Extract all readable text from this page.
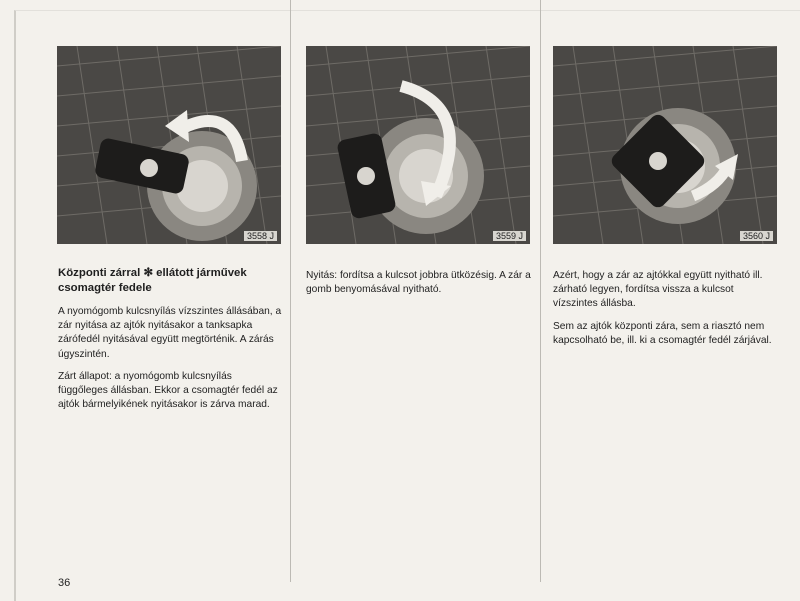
3558 J	3559 J	3560 J
Központi zárral ✻ ellátott járművek csomagtér fedele

A nyomógomb kulcsnyílás vízszintes állásában, a zár nyitása az ajtók nyitásakor a tanksapka zárófedél nyitásával együtt megtörténik. A zárás úgyszintén.

Zárt állapot: a nyomógomb kulcsnyílás függőleges állásban. Ekkor a csomagtér fedél az ajtók bármelyikének nyitásakor is zárva marad.

Nyitás: fordítsa a kulcsot jobbra ütközésig. A zár a gomb benyomásával nyitható.

Azért, hogy a zár az ajtókkal együtt nyitható ill. zárható legyen, fordítsa vissza a kulcsot vízszintes állásba.

Sem az ajtók központi zára, sem a riasztó nem kapcsolható be, ill. ki a csomagtér fedél zárjával.

36
